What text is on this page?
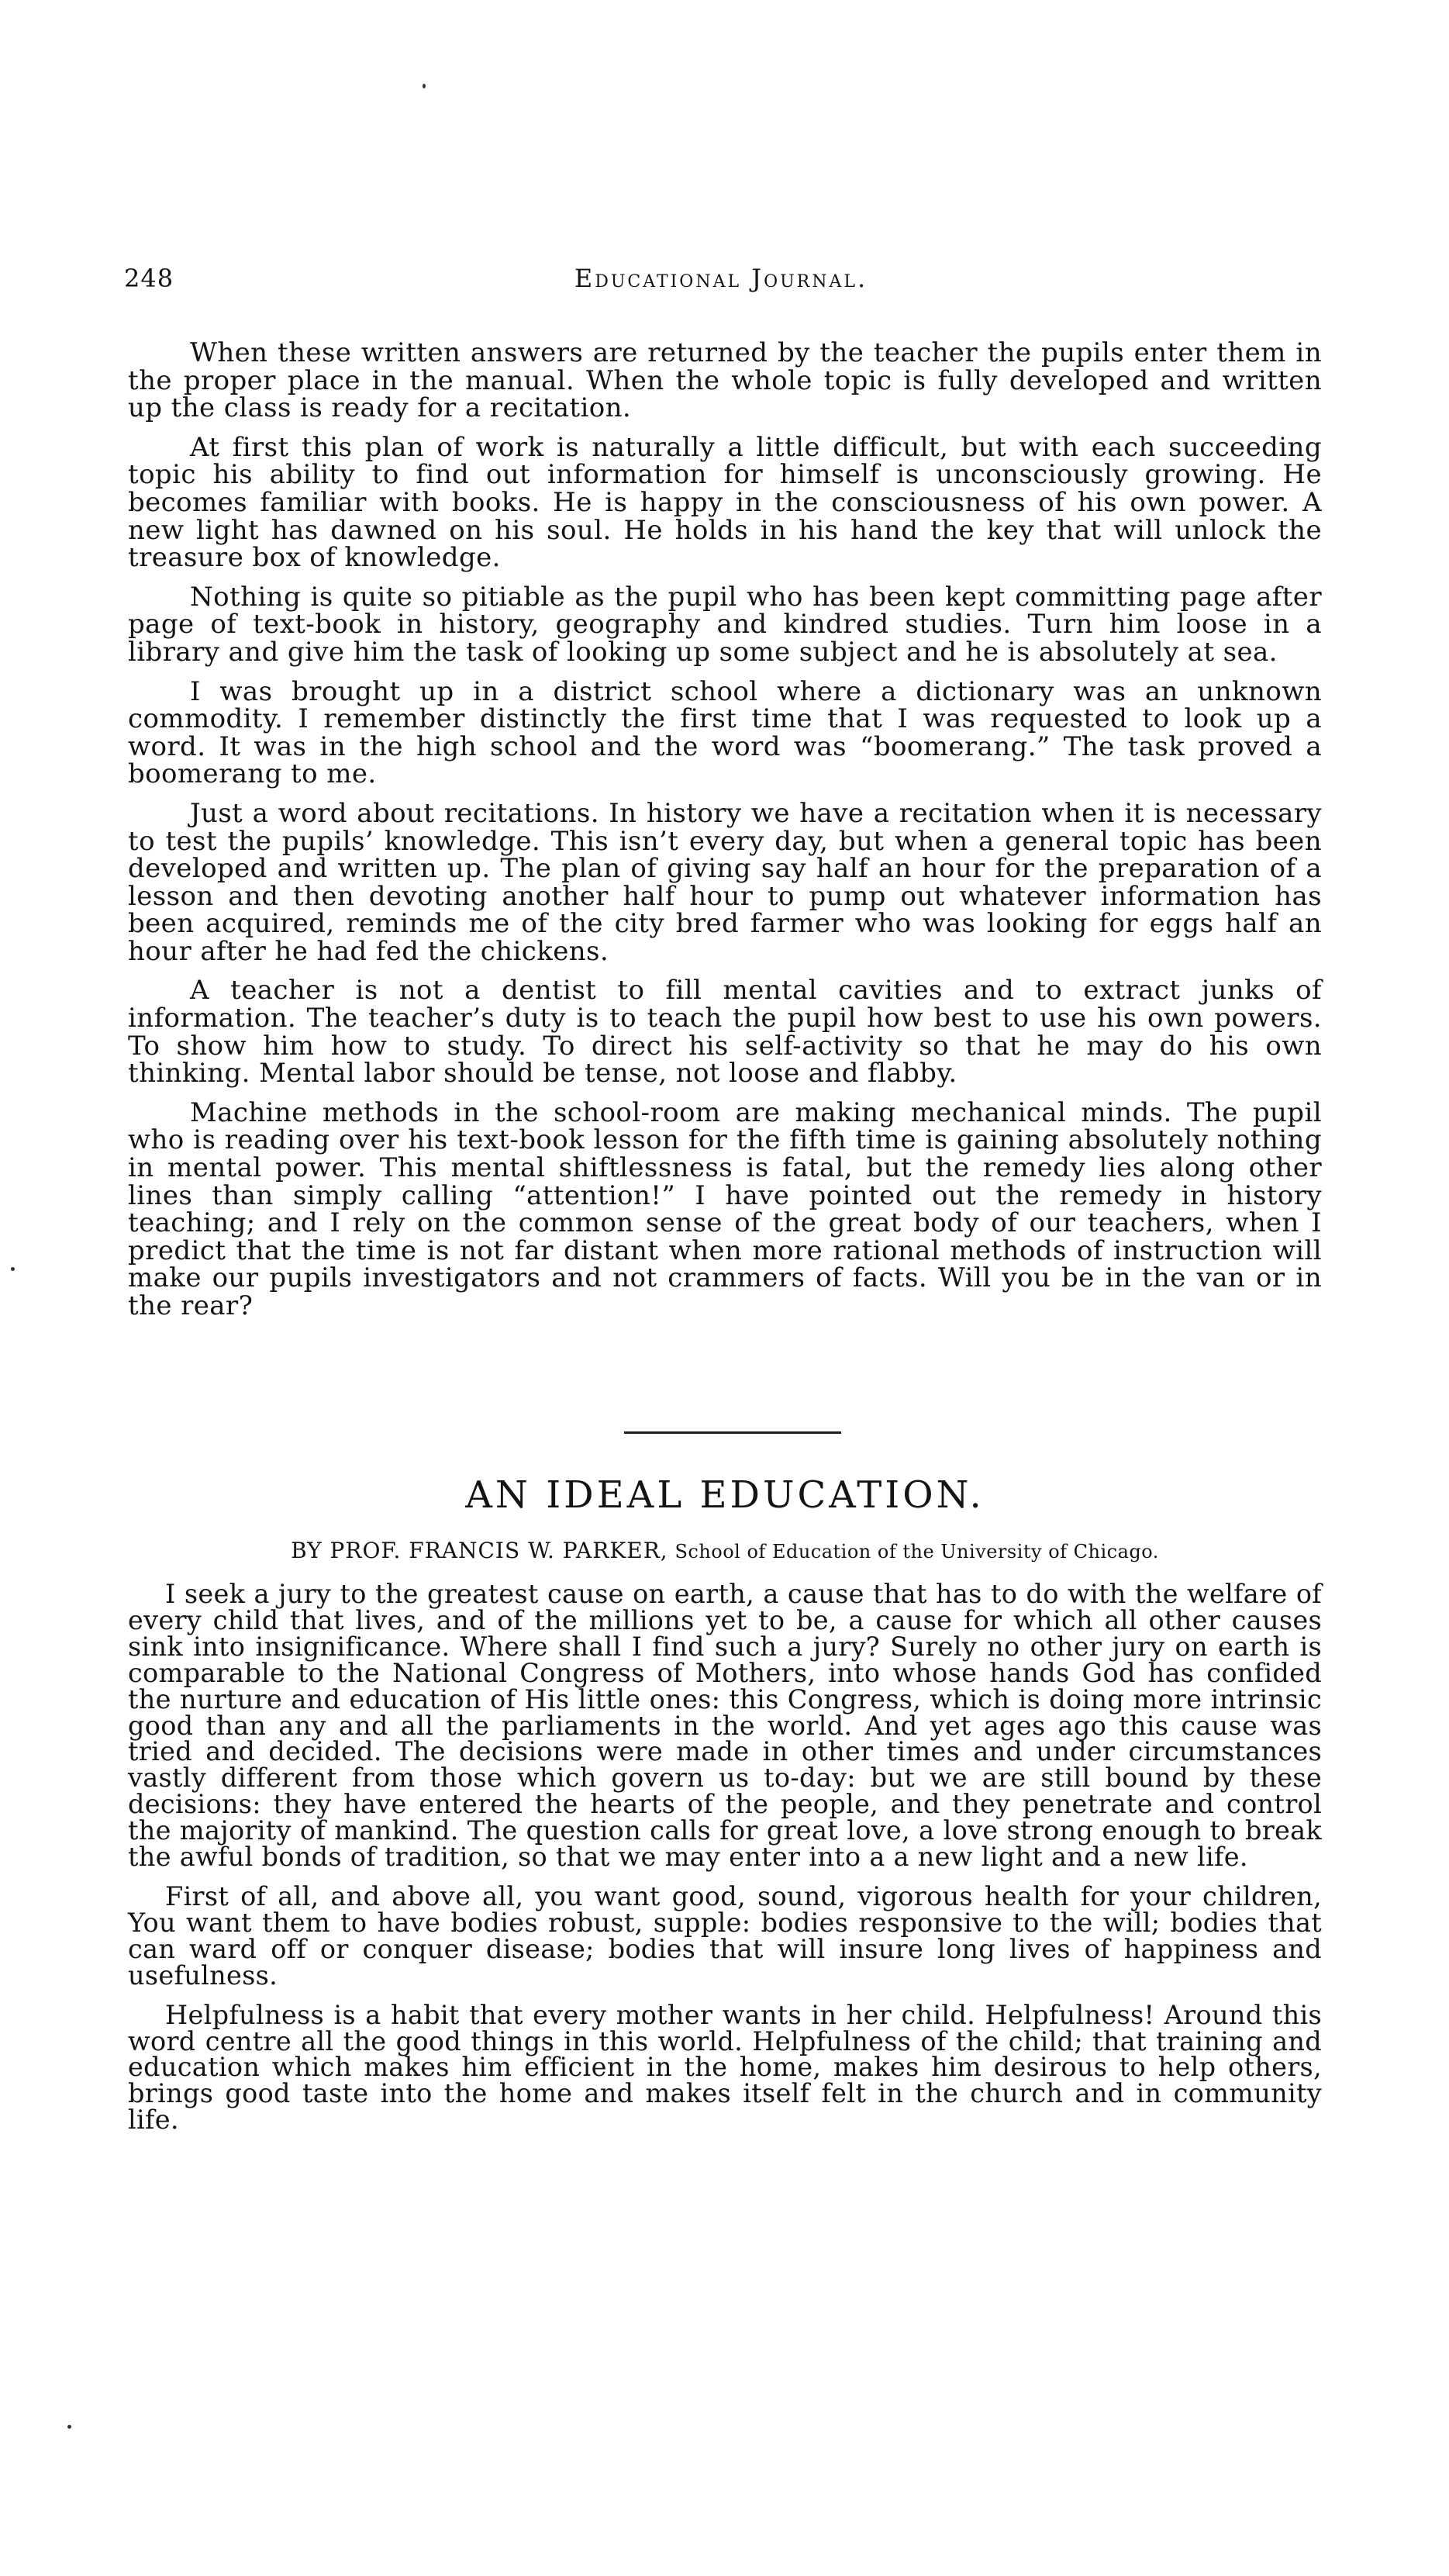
248	Educational Journal.

When these written answers are returned by the teacher the pupils enter them in the proper place in the manual. When the whole topic is fully developed and written up the class is ready for a recitation.

At first this plan of work is naturally a little difficult, but with each succeeding topic his ability to find out information for himself is unconsciously growing. He becomes familiar with books. He is happy in the consciousness of his own power. A new light has dawned on his soul. He holds in his hand the key that will unlock the treasure box of knowledge.

Nothing is quite so pitiable as the pupil who has been kept committing page after page of text-book in history, geography and kindred studies. Turn him loose in a library and give him the task of looking up some subject and he is absolutely at sea.

I was brought up in a district school where a dictionary was an unknown commodity. I remember distinctly the first time that I was requested to look up a word. It was in the high school and the word was “boomerang.” The task proved a boomerang to me.

Just a word about recitations. In history we have a recitation when it is necessary to test the pupils’ knowledge. This isn’t every day, but when a general topic has been developed and written up. The plan of giving say half an hour for the preparation of a lesson and then devoting another half hour to pump out whatever information has been acquired, reminds me of the city bred farmer who was looking for eggs half an hour after he had fed the chickens.

A teacher is not a dentist to fill mental cavities and to extract junks of information. The teacher’s duty is to teach the pupil how best to use his own powers. To show him how to study. To direct his self-activity so that he may do his own thinking. Mental labor should be tense, not loose and flabby.

Machine methods in the school-room are making mechanical minds. The pupil who is reading over his text-book lesson for the fifth time is gaining absolutely nothing in mental power. This mental shiftlessness is fatal, but the remedy lies along other lines than simply calling “attention!” I have pointed out the remedy in history teaching; and I rely on the common sense of the great body of our teachers, when I predict that the time is not far distant when more rational methods of instruction will make our pupils investigators and not crammers of facts. Will you be in the van or in the rear?

AN IDEAL EDUCATION.
BY PROF. FRANCIS W. PARKER, School of Education of the University of Chicago.

I seek a jury to the greatest cause on earth, a cause that has to do with the welfare of every child that lives, and of the millions yet to be, a cause for which all other causes sink into insignificance. Where shall I find such a jury? Surely no other jury on earth is comparable to the National Congress of Mothers, into whose hands God has confided the nurture and education of His little ones: this Congress, which is doing more intrinsic good than any and all the parliaments in the world. And yet ages ago this cause was tried and decided. The decisions were made in other times and under circumstances vastly different from those which govern us to-day: but we are still bound by these decisions: they have entered the hearts of the people, and they penetrate and control the majority of mankind. The question calls for great love, a love strong enough to break the awful bonds of tradition, so that we may enter into a a new light and a new life.

First of all, and above all, you want good, sound, vigorous health for your children, You want them to have bodies robust, supple: bodies responsive to the will; bodies that can ward off or conquer disease; bodies that will insure long lives of happiness and usefulness.

Helpfulness is a habit that every mother wants in her child. Helpfulness! Around this word centre all the good things in this world. Helpfulness of the child; that training and education which makes him efficient in the home, makes him desirous to help others, brings good taste into the home and makes itself felt in the church and in community life.
